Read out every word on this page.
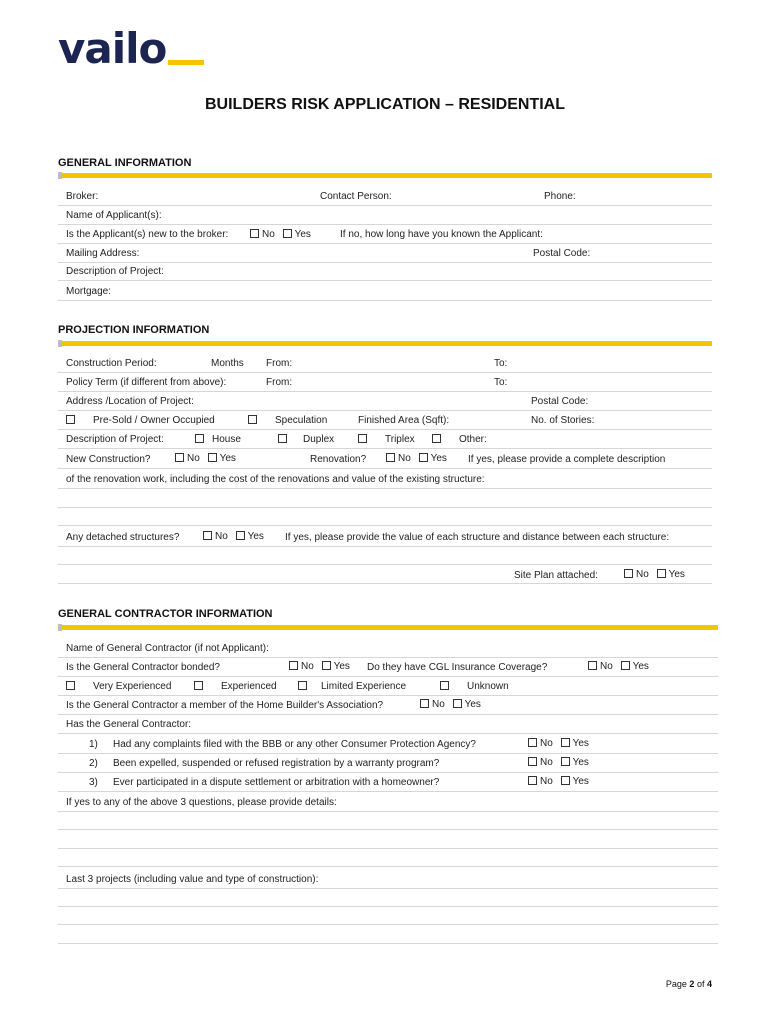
vailo
BUILDERS RISK APPLICATION – RESIDENTIAL
GENERAL INFORMATION
Broker:	Contact Person:	Phone:
Name of Applicant(s):
Is the Applicant(s) new to the broker:	No Yes	If no, how long have you known the Applicant:
Mailing Address:	Postal Code:
Description of Project:
Mortgage:
PROJECTION INFORMATION
Construction Period:	Months From:	To:
Policy Term (if different from above):	From:	To:
Address /Location of Project:	Postal Code:
Pre-Sold / Owner Occupied	Speculation	Finished Area (Sqft):	No. of Stories:
Description of Project:	House	Duplex	Triplex	Other:
New Construction?	No Yes	Renovation?	No Yes If yes, please provide a complete description
of the renovation work, including the cost of the renovations and value of the existing structure:
Any detached structures?	No Yes If yes, please provide the value of each structure and distance between each structure:
Site Plan attached:	No Yes
GENERAL CONTRACTOR INFORMATION
Name of General Contractor (if not Applicant):
Is the General Contractor bonded?	No Yes Do they have CGL Insurance Coverage?	No Yes
Very Experienced	Experienced	Limited Experience	Unknown
Is the General Contractor a member of the Home Builder's Association?	No Yes
Has the General Contractor:
1) Had any complaints filed with the BBB or any other Consumer Protection Agency?	No Yes
2) Been expelled, suspended or refused registration by a warranty program?	No Yes
3) Ever participated in a dispute settlement or arbitration with a homeowner?	No Yes
If yes to any of the above 3 questions, please provide details:
Last 3 projects (including value and type of construction):
Page 2 of 4
